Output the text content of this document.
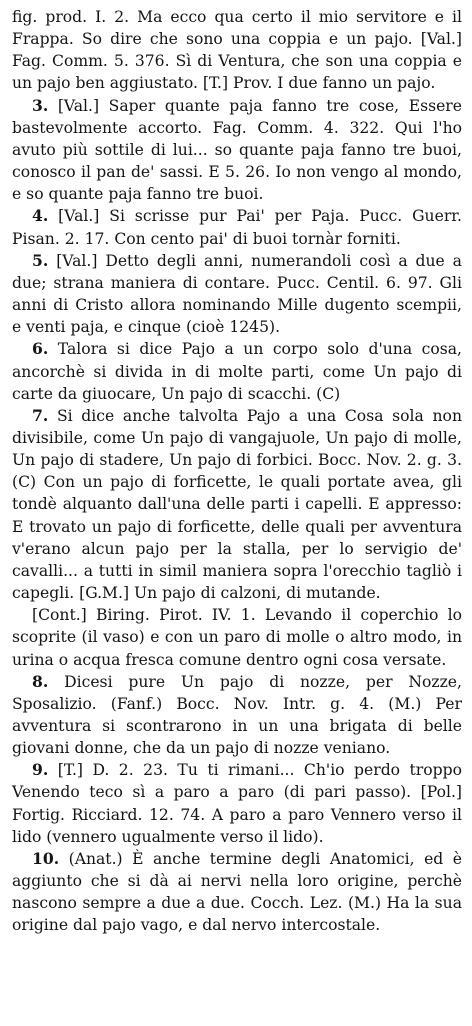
fig. prod. I. 2. Ma ecco qua certo il mio servitore e il Frappa. So dire che sono una coppia e un pajo. [Val.] Fag. Comm. 5. 376. Sì di Ventura, che son una coppia e un pajo ben aggiustato. [T.] Prov. I due fanno un pajo.

3. [Val.] Saper quante paja fanno tre cose, Essere bastevolmente accorto. Fag. Comm. 4. 322. Qui l'ho avuto più sottile di lui... so quante paja fanno tre buoi, conosco il pan de' sassi. E 5. 26. Io non vengo al mondo, e so quante paja fanno tre buoi.

4. [Val.] Si scrisse pur Pai' per Paja. Pucc. Guerr. Pisan. 2. 17. Con cento pai' di buoi tornàr forniti.

5. [Val.] Detto degli anni, numerandoli così a due a due; strana maniera di contare. Pucc. Centil. 6. 97. Gli anni di Cristo allora nominando Mille dugento scempii, e venti paja, e cinque (cioè 1245).

6. Talora si dice Pajo a un corpo solo d'una cosa, ancorchè si divida in di molte parti, come Un pajo di carte da giuocare, Un pajo di scacchi. (C)

7. Si dice anche talvolta Pajo a una Cosa sola non divisibile, come Un pajo di vangajuole, Un pajo di molle, Un pajo di stadere, Un pajo di forbici. Bocc. Nov. 2. g. 3. (C) Con un pajo di forficette, le quali portate avea, gli tondè alquanto dall'una delle parti i capelli. E appresso: E trovato un pajo di forficette, delle quali per avventura v'erano alcun pajo per la stalla, per lo servigio de' cavalli... a tutti in simil maniera sopra l'orecchio tagliò i capegli. [G.M.] Un pajo di calzoni, di mutande.

[Cont.] Biring. Pirot. IV. 1. Levando il coperchio lo scoprite (il vaso) e con un paro di molle o altro modo, in urina o acqua fresca comune dentro ogni cosa versate.

8. Dicesi pure Un pajo di nozze, per Nozze, Sposalizio. (Fanf.) Bocc. Nov. Intr. g. 4. (M.) Per avventura si scontrarono in un una brigata di belle giovani donne, che da un pajo di nozze veniano.

9. [T.] D. 2. 23. Tu ti rimani... Ch'io perdo troppo Venendo teco sì a paro a paro (di pari passo). [Pol.] Fortig. Ricciard. 12. 74. A paro a paro Vennero verso il lido (vennero ugualmente verso il lido).

10. (Anat.) È anche termine degli Anatomici, ed è aggiunto che si dà ai nervi nella loro origine, perchè nascono sempre a due a due. Cocch. Lez. (M.) Ha la sua origine dal pajo vago, e dal nervo intercostale.
